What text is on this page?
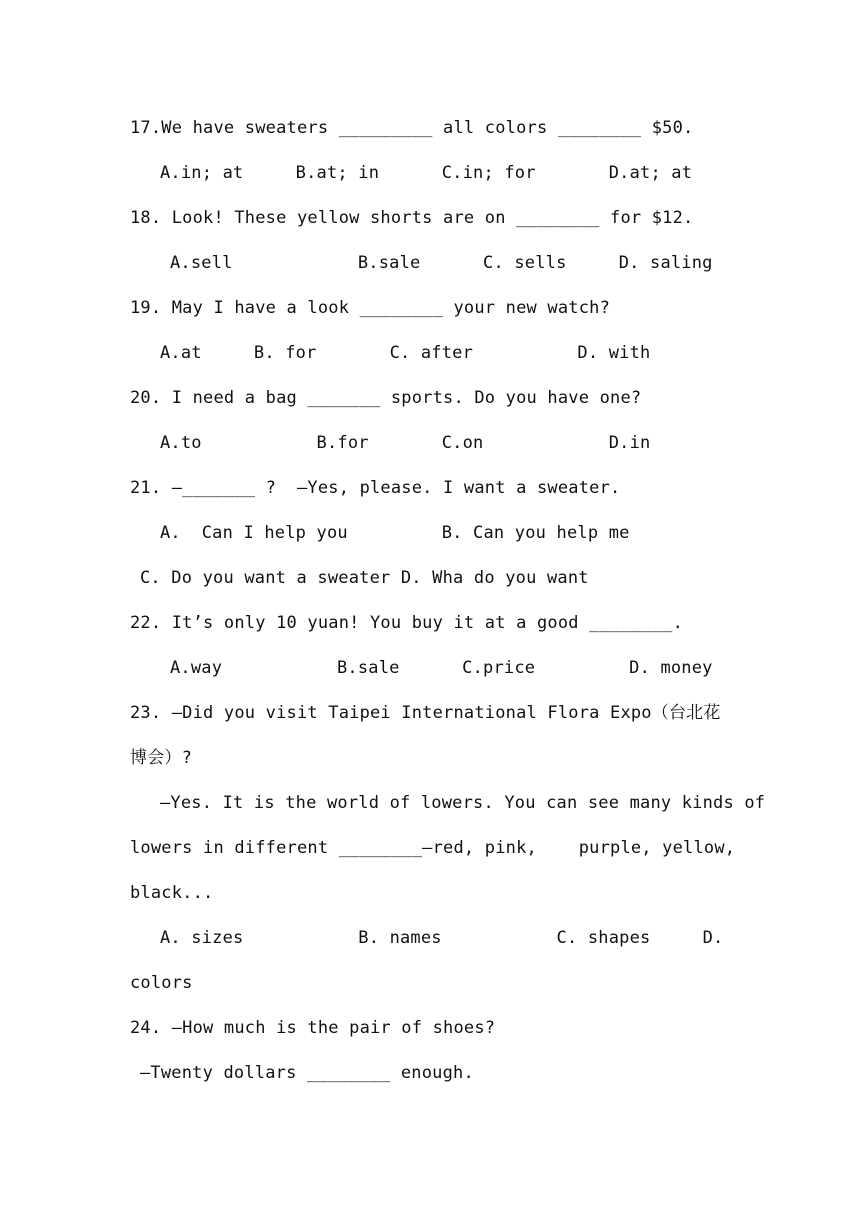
17.We have sweaters _________ all colors ________ $50.
A.in; at     B.at; in      C.in; for       D.at; at
18. Look! These yellow shorts are on ________ for $12.
A.sell            B.sale      C. sells     D. saling
19. May I have a look ________ your new watch?
A.at     B. for       C. after          D. with
20. I need a bag _______ sports. Do you have one?
A.to           B.for       C.on            D.in
21. —_______ ?  —Yes, please. I want a sweater.
A.  Can I help you         B. Can you help me
C. Do you want a sweater D. Wha do you want
22. It’s only 10 yuan! You buy it at a good ________.
A.way           B.sale      C.price         D. money
23. —Did you visit Taipei International Flora Expo（台北花
博会）?
—Yes. It is the world of lowers. You can see many kinds of
lowers in different ________—red, pink,    purple, yellow,
black...
A. sizes           B. names           C. shapes     D.
colors
24. —How much is the pair of shoes?
—Twenty dollars ________ enough.
